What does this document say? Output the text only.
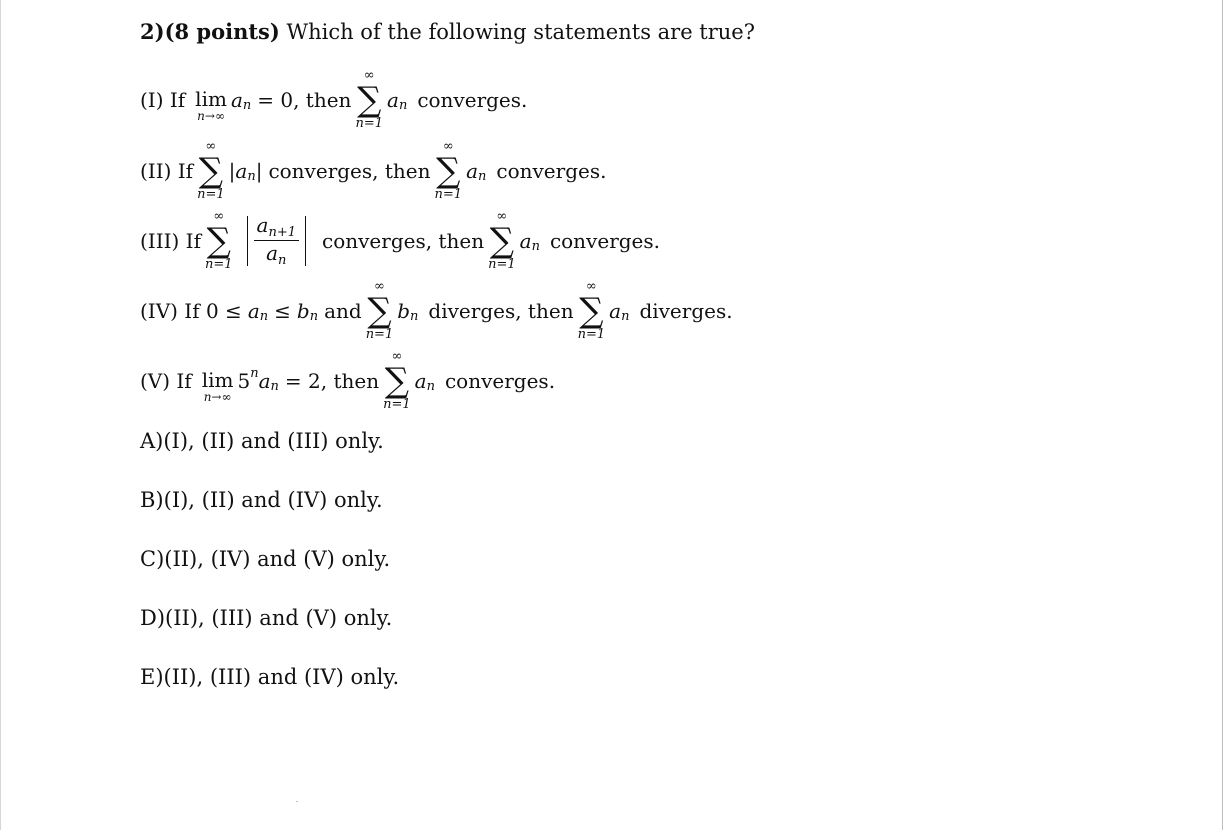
2)(8 points) Which of the following statements are true?
(I) If lim
n→∞
a n = 0, then
∞
∑
n=1
a n converges.
(II) If
∞
∑
n=1
| a n | converges, then
∞
∑
n=1
a n converges.
(III) If
∞
∑
$n=1 \frac{a_{n+1}}{a_n}$ converges, then
∞
∑
n=1
a n converges.
(IV) If 0 ≤ a n ≤ b n and
∞
∑
n=1
b n diverges, then
∞
∑
n=1
a n diverges.
(V) If lim
n→∞
5 n a n = 2, then
∞
∑
n=1
a n converges.
A)(I), (II) and (III) only.
B)(I), (II) and (IV) only.
C)(II), (IV) and (V) only.
D)(II), (III) and (V) only.
E)(II), (III) and (IV) only.
